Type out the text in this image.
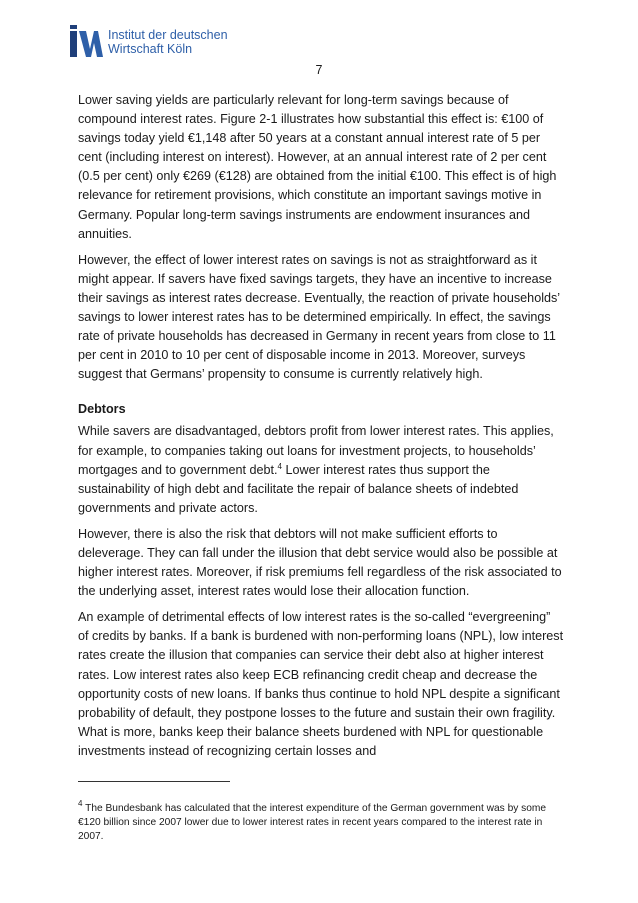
Institut der deutschen
Wirtschaft Köln
7

Lower saving yields are particularly relevant for long-term savings because of compound interest rates. Figure 2-1 illustrates how substantial this effect is: €100 of savings today yield €1,148 after 50 years at a constant annual interest rate of 5 per cent (including interest on interest). However, at an annual interest rate of 2 per cent (0.5 per cent) only €269 (€128) are obtained from the initial €100. This effect is of high relevance for retirement provisions, which constitute an important savings motive in Germany. Popular long-term savings instruments are endowment insurances and annuities.

However, the effect of lower interest rates on savings is not as straightforward as it might appear. If savers have fixed savings targets, they have an incentive to increase their savings as interest rates decrease. Eventually, the reaction of private households’ savings to lower interest rates has to be determined empirically. In effect, the savings rate of private households has decreased in Germany in recent years from close to 11 per cent in 2010 to 10 per cent of disposable income in 2013. Moreover, surveys suggest that Germans’ propensity to consume is currently relatively high.

Debtors

While savers are disadvantaged, debtors profit from lower interest rates. This applies, for example, to companies taking out loans for investment projects, to households’ mortgages and to government debt.$^4$ Lower interest rates thus support the sustainability of high debt and facilitate the repair of balance sheets of indebted governments and private actors.

However, there is also the risk that debtors will not make sufficient efforts to deleverage. They can fall under the illusion that debt service would also be possible at higher interest rates. Moreover, if risk premiums fell regardless of the risk associated to the underlying asset, interest rates would lose their allocation function.

An example of detrimental effects of low interest rates is the so-called “evergreening” of credits by banks. If a bank is burdened with non-performing loans (NPL), low interest rates create the illusion that companies can service their debt also at higher interest rates. Low interest rates also keep ECB refinancing credit cheap and decrease the opportunity costs of new loans. If banks thus continue to hold NPL despite a significant probability of default, they postpone losses to the future and sustain their own fragility. What is more, banks keep their balance sheets burdened with NPL for questionable investments instead of recognizing certain losses and

$^4$ The Bundesbank has calculated that the interest expenditure of the German government was by some €120 billion since 2007 lower due to lower interest rates in recent years compared to the interest rate in 2007.
